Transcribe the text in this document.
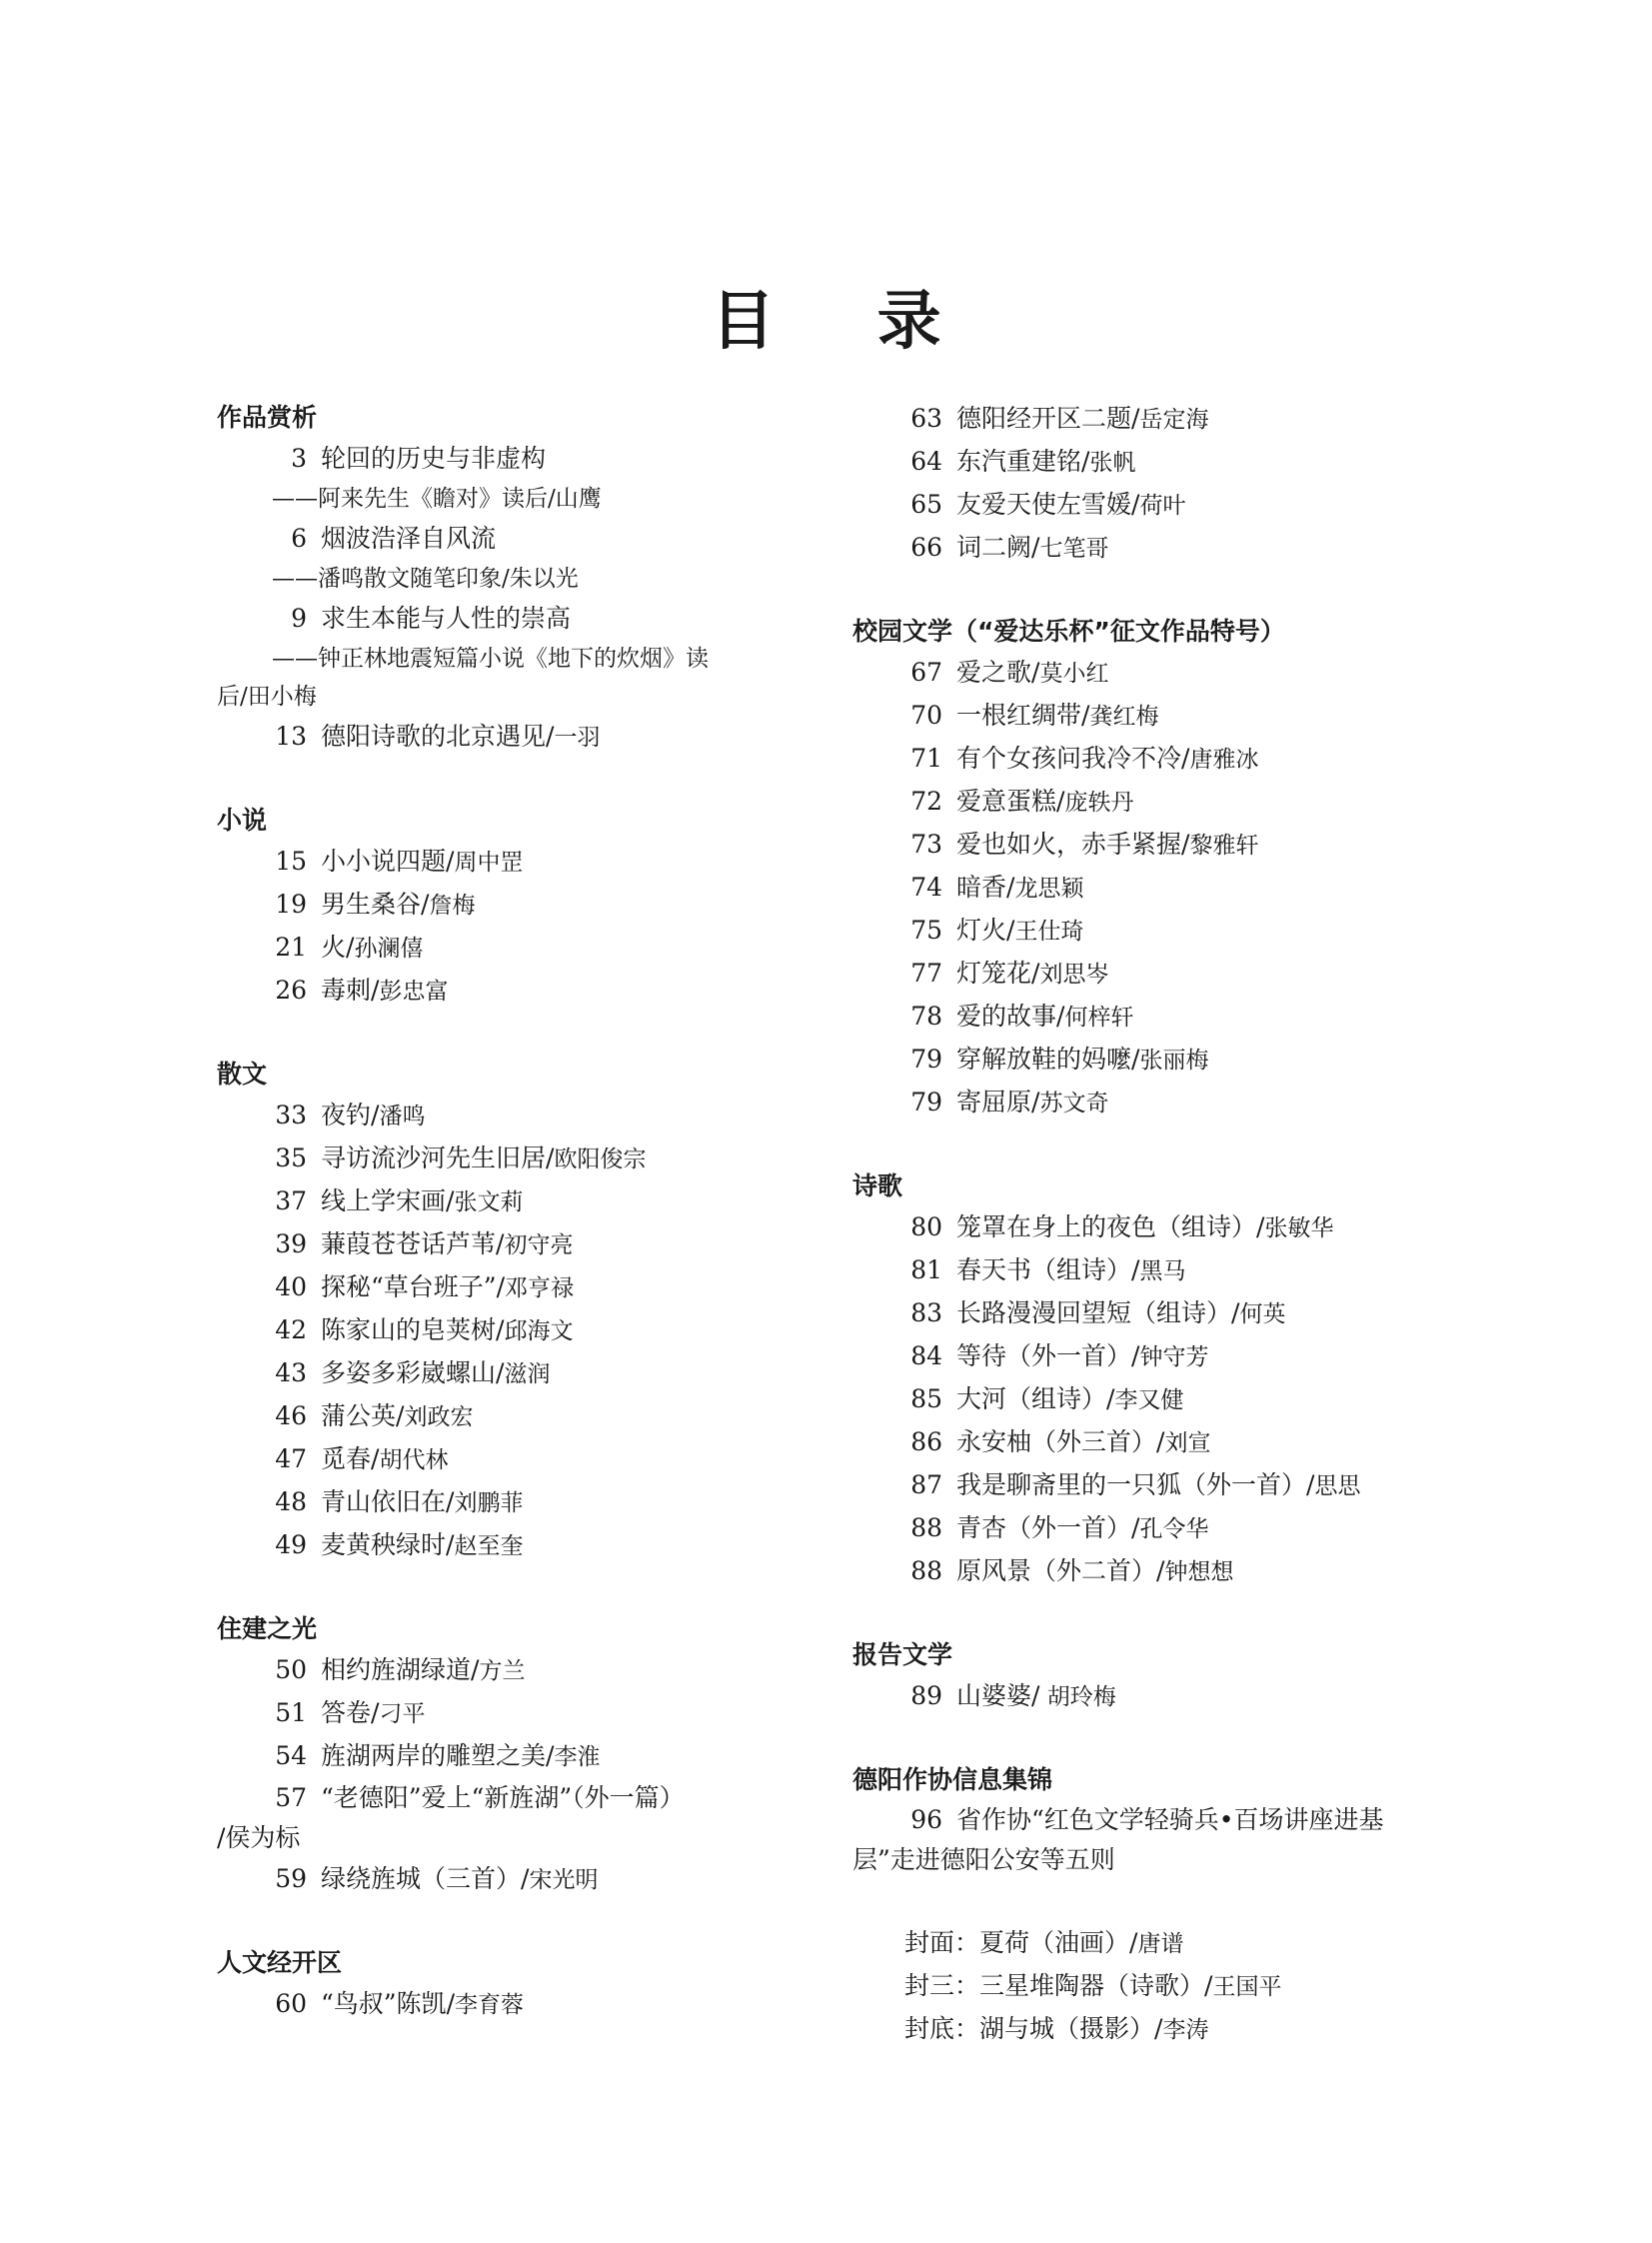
目 录
作品赏析
3 轮回的历史与非虚构
——阿来先生《瞻对》读后/山鹰
6 烟波浩泽自风流
——潘鸣散文随笔印象/朱以光
9 求生本能与人性的崇高
——钟正林地震短篇小说《地下的炊烟》读
后/田小梅
13 德阳诗歌的北京遇见/一羽
小说
15 小小说四题/周中罡
19 男生桑谷/詹梅
21 火/孙澜僖
26 毒刺/彭忠富
散文
33 夜钓/潘鸣
35 寻访流沙河先生旧居/欧阳俊宗
37 线上学宋画/张文莉
39 蒹葭苍苍话芦苇/初守亮
40 探秘“草台班子”/邓亨禄
42 陈家山的皂荚树/邱海文
43 多姿多彩崴螺山/滋润
46 蒲公英/刘政宏
47 觅春/胡代林
48 青山依旧在/刘鹏菲
49 麦黄秧绿时/赵至奎
住建之光
50 相约旌湖绿道/方兰
51 答卷/刁平
54 旌湖两岸的雕塑之美/李淮
57 “老德阳”爱上“新旌湖”（外一篇）
/侯为标
59 绿绕旌城（三首）/宋光明
人文经开区
60 “鸟叔”陈凯/李育蓉
63 德阳经开区二题/岳定海
64 东汽重建铭/张帆
65 友爱天使左雪媛/荷叶
66 词二阙/七笔哥
校园文学（“爱达乐杯”征文作品特号）
67 爱之歌/莫小红
70 一根红绸带/龚红梅
71 有个女孩问我冷不冷/唐雅冰
72 爱意蛋糕/庞轶丹
73 爱也如火，赤手紧握/黎雅轩
74 暗香/龙思颖
75 灯火/王仕琦
77 灯笼花/刘思岑
78 爱的故事/何梓轩
79 穿解放鞋的妈嚒/张丽梅
79 寄屈原/苏文奇
诗歌
80 笼罩在身上的夜色（组诗）/张敏华
81 春天书（组诗）/黑马
83 长路漫漫回望短（组诗）/何英
84 等待（外一首）/钟守芳
85 大河（组诗）/李又健
86 永安柚（外三首）/刘宣
87 我是聊斋里的一只狐（外一首）/思思
88 青杏（外一首）/孔令华
88 原风景（外二首）/钟想想
报告文学
89 山婆婆/ 胡玲梅
德阳作协信息集锦
96 省作协“红色文学轻骑兵•百场讲座进基
层”走进德阳公安等五则
封面：夏荷（油画）/唐谱
封三：三星堆陶器（诗歌）/王国平
封底：湖与城（摄影）/李涛
